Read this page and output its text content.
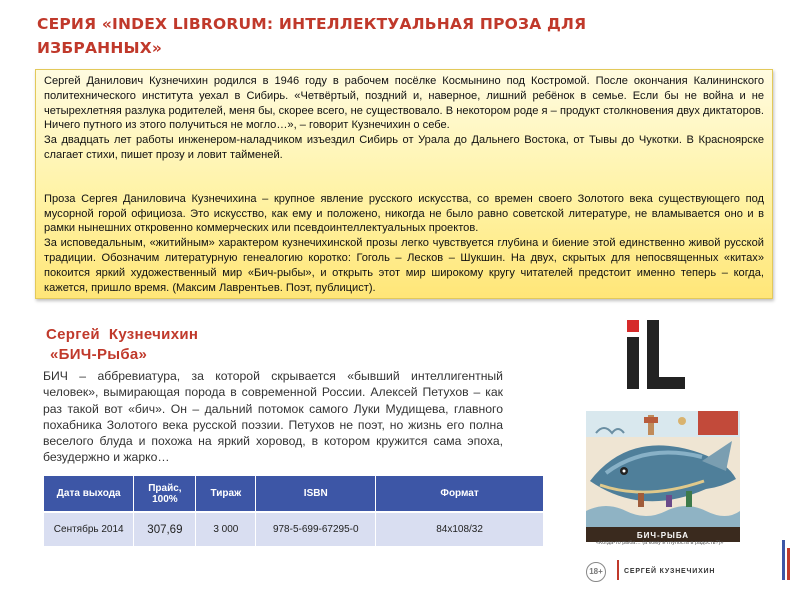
СЕРИЯ «INDEX LIBRORUM: ИНТЕЛЛЕКТУАЛЬНАЯ ПРОЗА ДЛЯ ИЗБРАННЫХ»

Сергей Данилович Кузнечихин родился в 1946 году в рабочем посёлке Космынино под Костромой. После окончания Калининского политехнического института уехал в Сибирь. «Четвёртый, поздний и, наверное, лишний ребёнок в семье. Если бы не война и не четырехлетняя разлука родителей, меня бы, скорее всего, не существовало. В некотором роде я – продукт столкновения двух диктаторов. Ничего путного из этого получиться не могло…», – говорит Кузнечихин о себе.

За двадцать лет работы инженером-наладчиком изъездил Сибирь от Урала до Дальнего Востока, от Тывы до Чукотки. В Красноярске слагает стихи, пишет прозу и ловит тайменей.

Проза Сергея Даниловича Кузнечихина – крупное явление русского искусства, со времен своего Золотого века существующего под мусорной горой официоза. Это искусство, как ему и положено, никогда не было равно советской литературе, не вламывается оно и в рамки нынешних откровенно коммерческих или псевдоинтеллектуальных проектов.

За исповедальным, «житийным» характером кузнечихинской прозы легко чувствуется глубина и биение этой единственно живой русской традиции. Обозначим литературную генеалогию коротко: Гоголь – Лесков – Шукшин. На двух, скрытых для непосвященных «китах» покоится яркий художественный мир «Бич-рыбы», и открыть этот мир широкому кругу читателей предстоит именно теперь – когда, кажется, пришло время. (Максим Лаврентьев. Поэт, публицист).

Сергей  Кузнечихин
«БИЧ-Рыба»
БИЧ – аббревиатура, за которой скрывается «бывший интеллигентный человек», вымирающая порода в современной России. Алексей Петухов – как раз такой вот «бич». Он – дальний потомок самого Луки Мудищева, главного похабника Золотого века русской поэзии. Петухов не поэт, но жизнь его полна веселого блуда и похожа на яркий хоровод, в котором кружится сама эпоха, безудержно и жарко…
Дата выхода	Прайс, 100%	Тираж	ISBN	Формат
Сентябрь 2014	307,69	3 000	978-5-699-67295-0	84х108/32
БИЧ-РЫБА
«Когда-то рыба… (а кому и глупость в радость?)»
18+	СЕРГЕЙ КУЗНЕЧИХИН
